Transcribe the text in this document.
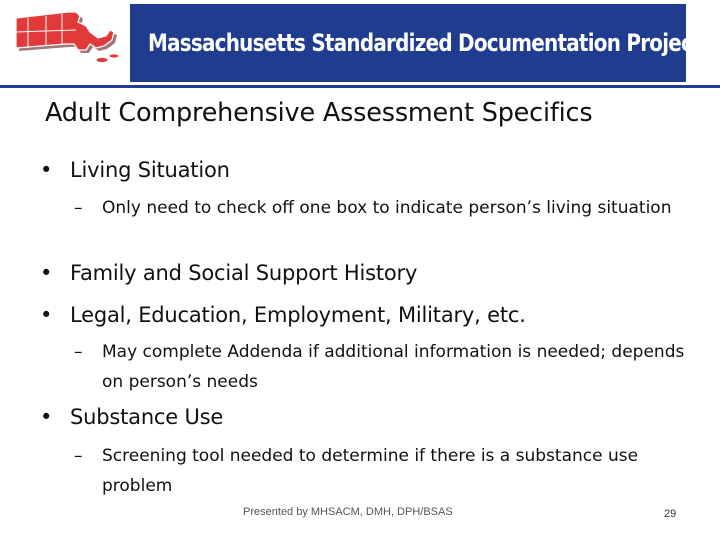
Massachusetts Standardized Documentation Project
Adult Comprehensive Assessment Specifics
• Living Situation
– Only need to check off one box to indicate person’s living situation
• Family and Social Support History
• Legal, Education, Employment, Military, etc.
– May complete Addenda if additional information is needed; depends on person’s needs
• Substance Use
– Screening tool needed to determine if there is a substance use problem
Presented by MHSACM, DMH, DPH/BSAS	29
